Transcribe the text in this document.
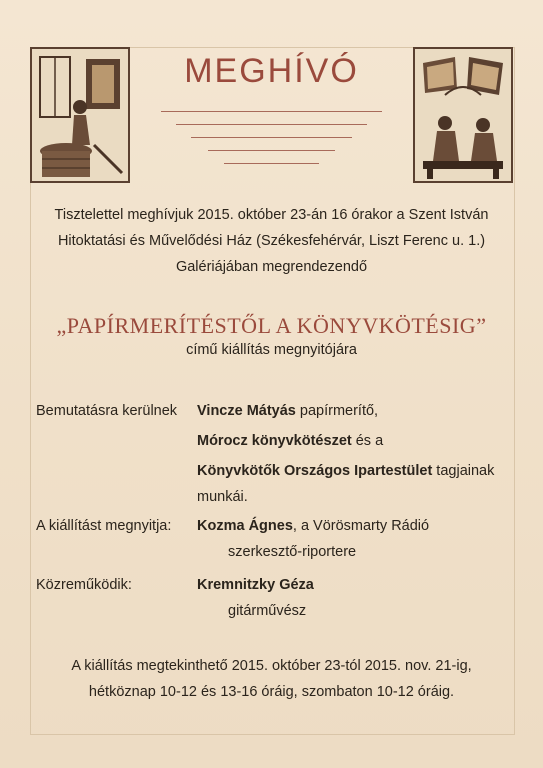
MEGHÍVÓ
Tisztelettel meghívjuk 2015. október 23-án 16 órakor a Szent István
Hitoktatási és Művelődési Ház (Székesfehérvár, Liszt Ferenc u. 1.)
Galériájában megrendezendő
„PAPÍRMERÍTÉSTŐL A KÖNYVKÖTÉSIG”
című kiállítás megnyitójára
Bemutatásra kerülnek Vincze Mátyás papírmerítő,
Mórocz könyvkötészet és a
Könyvkötők Országos Ipartestület tagjainak
munkái.
A kiállítást megnyitja: Kozma Ágnes, a Vörösmarty Rádió
szerkesztő-riportere
Közreműködik:	Kremnitzky Géza
gitárművész
A kiállítás megtekinthető 2015. október 23-tól 2015. nov. 21-ig,
hétköznap 10-12 és 13-16 óráig, szombaton 10-12 óráig.
